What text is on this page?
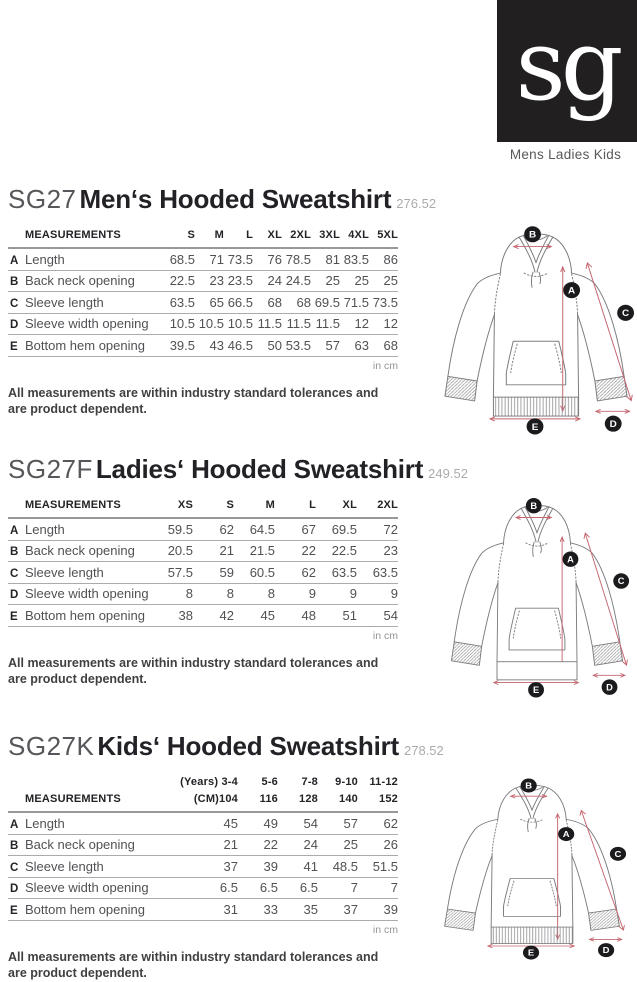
sg
Mens Ladies Kids
SG27 Men‘s Hooded Sweatshirt 276.52
	MEASUREMENTS	S	M	L	XL	2XL	3XL	4XL	5XL
A	Length	68.5	71	73.5	76	78.5	81	83.5	86
B	Back neck opening	22.5	23	23.5	24	24.5	25	25	25
C	Sleeve length	63.5	65	66.5	68	68	69.5	71.5	73.5
D	Sleeve width opening	10.5	10.5	10.5	11.5	11.5	11.5	12	12
E	Bottom hem opening	39.5	43	46.5	50	53.5	57	63	68
in cm
All measurements are within industry standard tolerances and
are product dependent.
B
A
C
D
E
SG27F Ladies‘ Hooded Sweatshirt 249.52
	MEASUREMENTS	XS	S	M	L	XL	2XL
A	Length	59.5	62	64.5	67	69.5	72
B	Back neck opening	20.5	21	21.5	22	22.5	23
C	Sleeve length	57.5	59	60.5	62	63.5	63.5
D	Sleeve width opening	8	8	8	9	9	9
E	Bottom hem opening	38	42	45	48	51	54
in cm
All measurements are within industry standard tolerances and
are product dependent.
B
A
C
D
E
SG27K Kids‘ Hooded Sweatshirt 278.52
		(Years) 3-4	5-6	7-8	9-10	11-12
	MEASUREMENTS	(CM)104	116	128	140	152
A	Length	45	49	54	57	62
B	Back neck opening	21	22	24	25	26
C	Sleeve length	37	39	41	48.5	51.5
D	Sleeve width opening	6.5	6.5	6.5	7	7
E	Bottom hem opening	31	33	35	37	39
in cm
All measurements are within industry standard tolerances and
are product dependent.
B
A
C
D
E
